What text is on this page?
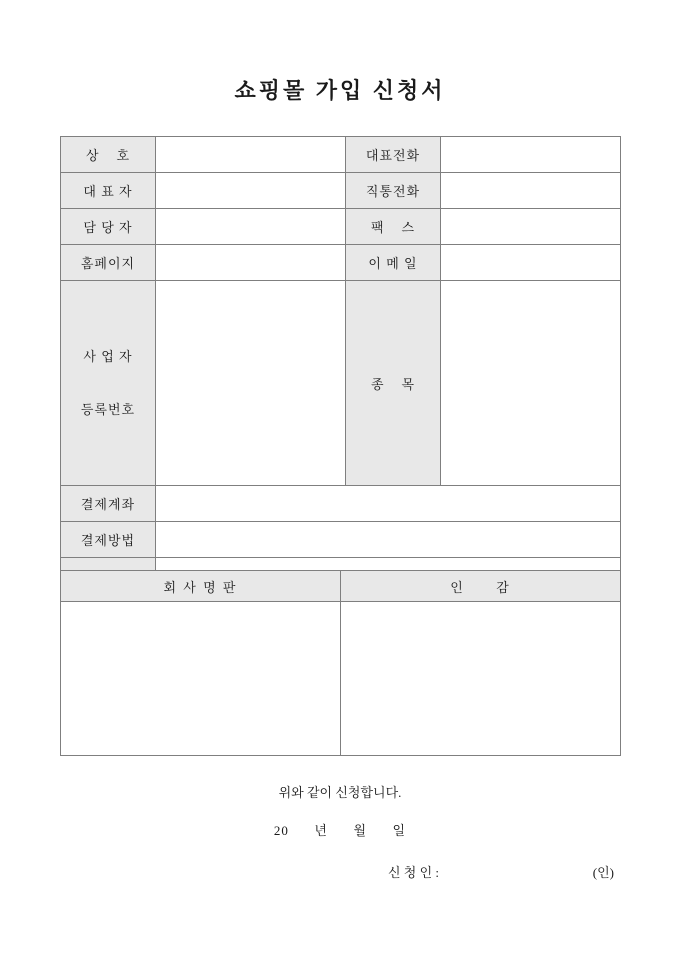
쇼핑몰 가입 신청서
상    호		대표전화	
대 표 자		직통전화	
담 당 자		팩    스	
홈페이지		이 메 일	

사 업 자

등록번호		종    목	
결제계좌			
결제방법			

회 사 명 판	인      감

위와 같이 신청합니다.
20      년      월      일
신 청 인 :	(인)
